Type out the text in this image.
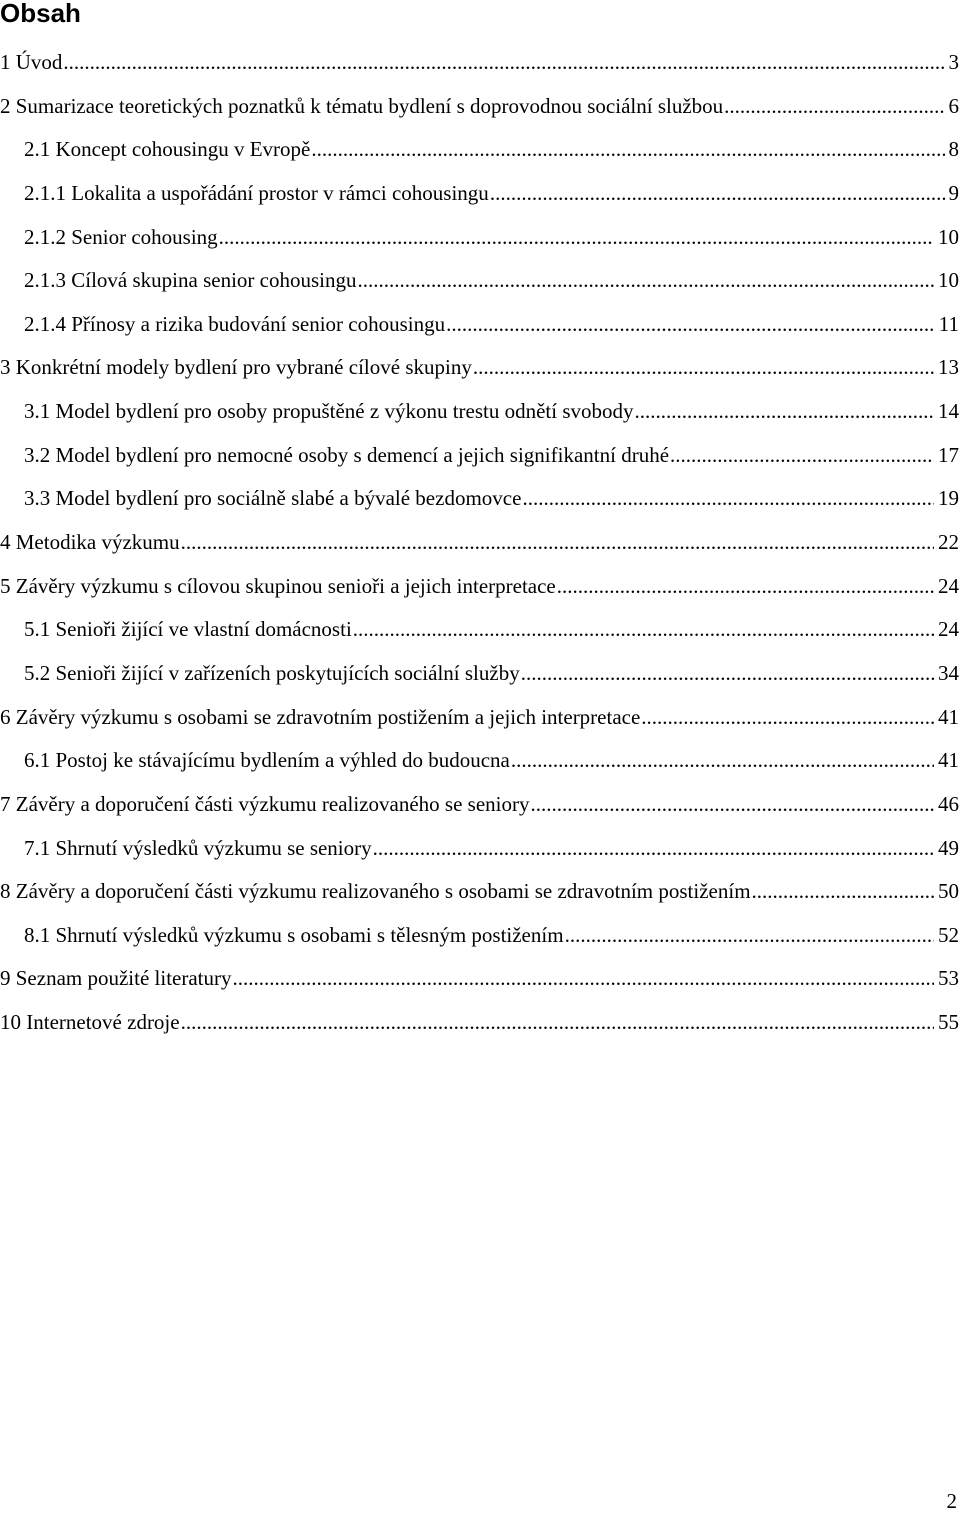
Obsah
1 Úvod .....	3
2 Sumarizace teoretických poznatků k tématu bydlení s doprovodnou sociální službou .....	6
2.1 Koncept cohousingu v Evropě .....	8
2.1.1 Lokalita a uspořádání prostor v rámci cohousingu .....	9
2.1.2 Senior cohousing .....	10
2.1.3 Cílová skupina senior cohousingu .....	10
2.1.4 Přínosy a rizika budování senior cohousingu .....	11
3 Konkrétní modely bydlení pro vybrané cílové skupiny .....	13
3.1 Model bydlení pro osoby propuštěné z výkonu trestu odnětí svobody .....	14
3.2 Model bydlení pro nemocné osoby s demencí a jejich signifikantní druhé .....	17
3.3 Model bydlení pro sociálně slabé a bývalé bezdomovce .....	19
4 Metodika výzkumu .....	22
5 Závěry výzkumu s cílovou skupinou senioři a jejich interpretace .....	24
5.1 Senioři žijící ve vlastní domácnosti .....	24
5.2 Senioři žijící v zařízeních poskytujících sociální služby .....	34
6 Závěry výzkumu s osobami se zdravotním postižením a jejich interpretace .....	41
6.1 Postoj ke stávajícímu bydlením a výhled do budoucna .....	41
7 Závěry a doporučení části výzkumu realizovaného se seniory .....	46
7.1 Shrnutí výsledků výzkumu se seniory .....	49
8 Závěry a doporučení části výzkumu realizovaného s osobami se zdravotním postižením .....	50
8.1 Shrnutí výsledků výzkumu s osobami s tělesným postižením .....	52
9 Seznam použité literatury .....	53
10 Internetové zdroje .....	55
2
